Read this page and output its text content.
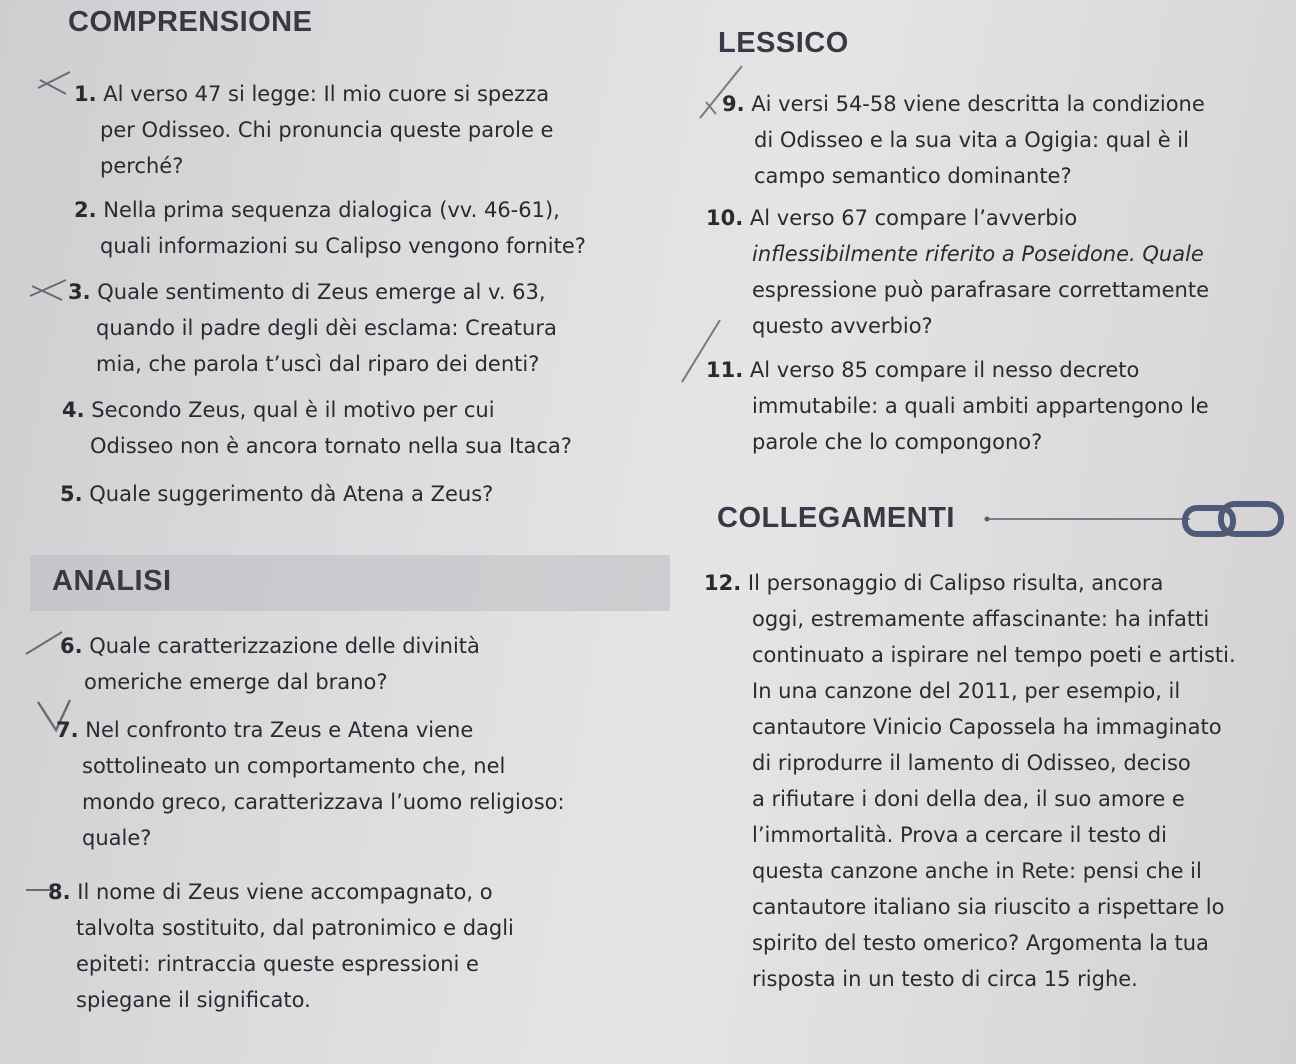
COMPRENSIONE
LESSICO
ANALISI
COLLEGAMENTI
1. Al verso 47 si legge: Il mio cuore si spezza
per Odisseo. Chi pronuncia queste parole e
perché?
2. Nella prima sequenza dialogica (vv. 46-61),
quali informazioni su Calipso vengono fornite?
3. Quale sentimento di Zeus emerge al v. 63,
quando il padre degli dèi esclama: Creatura
mia, che parola t’uscì dal riparo dei denti?
4. Secondo Zeus, qual è il motivo per cui
Odisseo non è ancora tornato nella sua Itaca?
5. Quale suggerimento dà Atena a Zeus?
6. Quale caratterizzazione delle divinità
omeriche emerge dal brano?
7. Nel confronto tra Zeus e Atena viene
sottolineato un comportamento che, nel
mondo greco, caratterizzava l’uomo religioso:
quale?
8. Il nome di Zeus viene accompagnato, o
talvolta sostituito, dal patronimico e dagli
epiteti: rintraccia queste espressioni e
spiegane il significato.
9. Ai versi 54-58 viene descritta la condizione
di Odisseo e la sua vita a Ogigia: qual è il
campo semantico dominante?
10. Al verso 67 compare l’avverbio
inflessibilmente riferito a Poseidone. Quale
espressione può parafrasare correttamente
questo avverbio?
11. Al verso 85 compare il nesso decreto
immutabile: a quali ambiti appartengono le
parole che lo compongono?
12. Il personaggio di Calipso risulta, ancora
oggi, estremamente affascinante: ha infatti
continuato a ispirare nel tempo poeti e artisti.
In una canzone del 2011, per esempio, il
cantautore Vinicio Capossela ha immaginato
di riprodurre il lamento di Odisseo, deciso
a rifiutare i doni della dea, il suo amore e
l’immortalità. Prova a cercare il testo di
questa canzone anche in Rete: pensi che il
cantautore italiano sia riuscito a rispettare lo
spirito del testo omerico? Argomenta la tua
risposta in un testo di circa 15 righe.
